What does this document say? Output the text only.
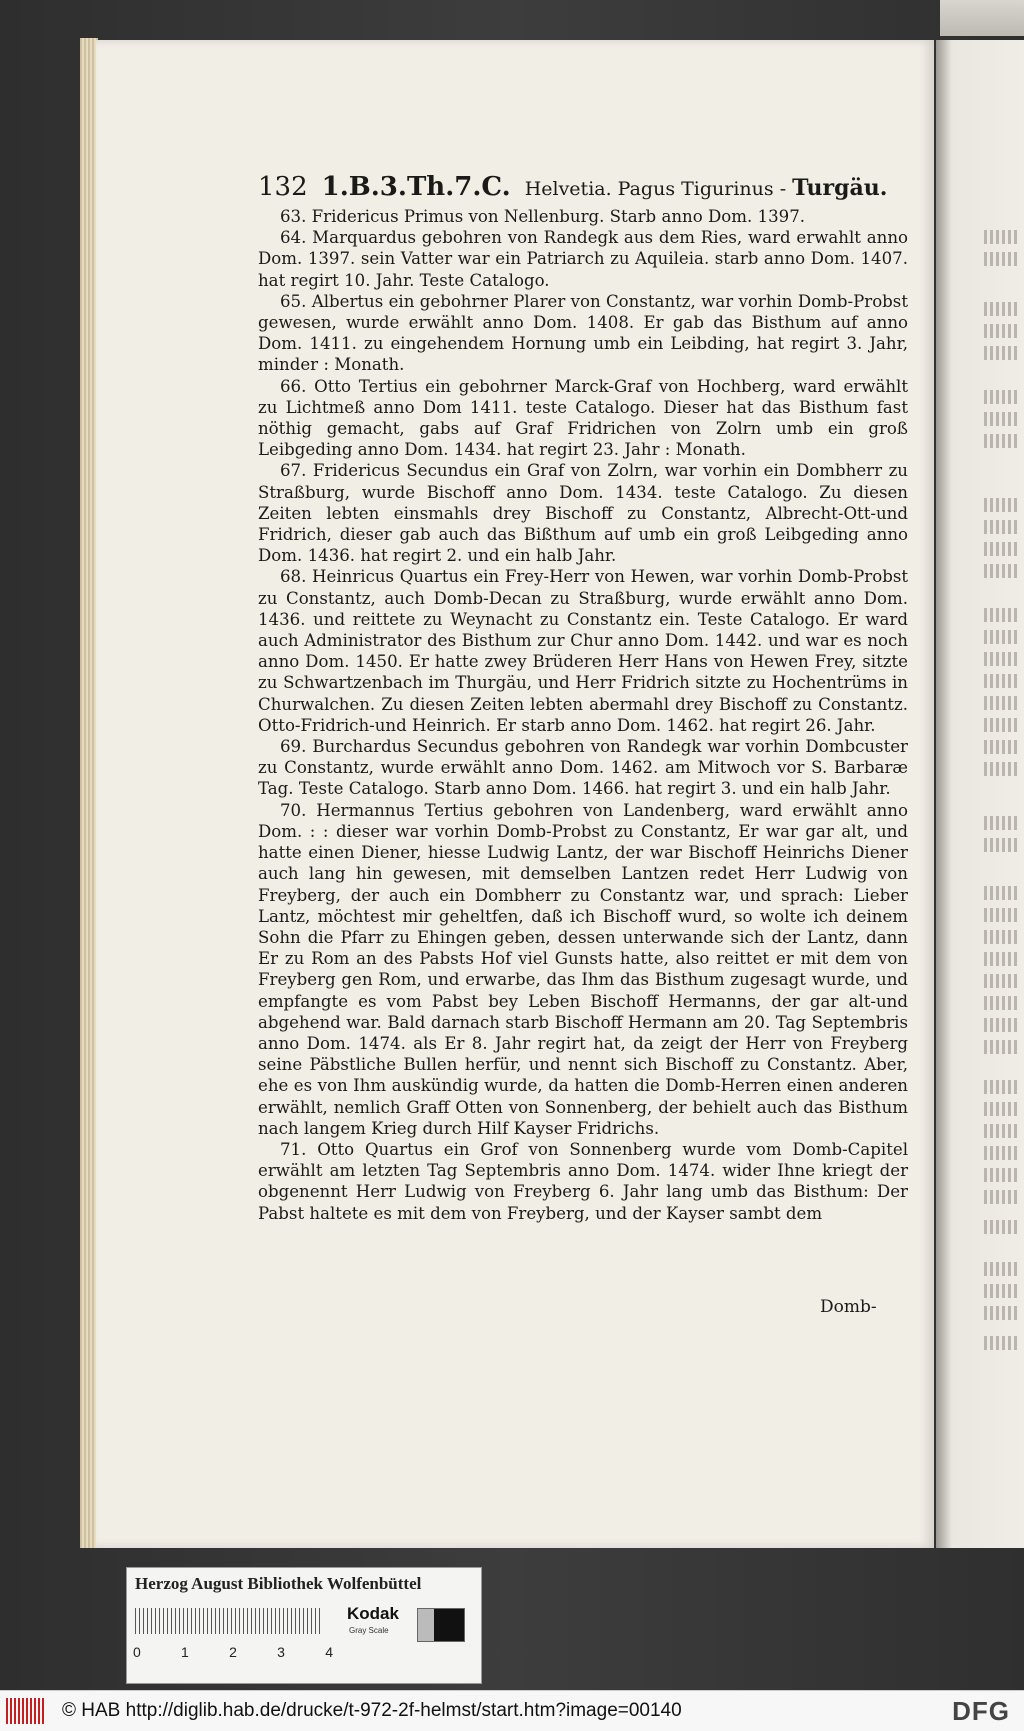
132 1.B.3.Th.7.C. Helvetia. Pagus Tigurinus - Turgäu.

63. Fridericus Primus von Nellenburg. Starb anno Dom. 1397.

64. Marquardus gebohren von Randegk aus dem Ries, ward erwahlt anno Dom. 1397. sein Vatter war ein Patriarch zu Aquileia. starb anno Dom. 1407. hat regirt 10. Jahr. Teste Catalogo.

65. Albertus ein gebohrner Plarer von Constantz, war vorhin Domb-Probst gewesen, wurde erwählt anno Dom. 1408. Er gab das Bisthum auf anno Dom. 1411. zu eingehendem Hornung umb ein Leibding, hat regirt 3. Jahr, minder : Monath.

66. Otto Tertius ein gebohrner Marck-Graf von Hochberg, ward erwählt zu Lichtmeß anno Dom 1411. teste Catalogo. Dieser hat das Bisthum fast nöthig gemacht, gabs auf Graf Fridrichen von Zolrn umb ein groß Leibgeding anno Dom. 1434. hat regirt 23. Jahr : Monath.

67. Fridericus Secundus ein Graf von Zolrn, war vorhin ein Dombherr zu Straßburg, wurde Bischoff anno Dom. 1434. teste Catalogo. Zu diesen Zeiten lebten einsmahls drey Bischoff zu Constantz, Albrecht-Ott-und Fridrich, dieser gab auch das Bißthum auf umb ein groß Leibgeding anno Dom. 1436. hat regirt 2. und ein halb Jahr.

68. Heinricus Quartus ein Frey-Herr von Hewen, war vorhin Domb-Probst zu Constantz, auch Domb-Decan zu Straßburg, wurde erwählt anno Dom. 1436. und reittete zu Weynacht zu Constantz ein. Teste Catalogo. Er ward auch Administrator des Bisthum zur Chur anno Dom. 1442. und war es noch anno Dom. 1450. Er hatte zwey Brüderen Herr Hans von Hewen Frey, sitzte zu Schwartzenbach im Thurgäu, und Herr Fridrich sitzte zu Hochentrüms in Churwalchen. Zu diesen Zeiten lebten abermahl drey Bischoff zu Constantz. Otto-Fridrich-und Heinrich. Er starb anno Dom. 1462. hat regirt 26. Jahr.

69. Burchardus Secundus gebohren von Randegk war vorhin Dombcuster zu Constantz, wurde erwählt anno Dom. 1462. am Mitwoch vor S. Barbaræ Tag. Teste Catalogo. Starb anno Dom. 1466. hat regirt 3. und ein halb Jahr.

70. Hermannus Tertius gebohren von Landenberg, ward erwählt anno Dom. : : dieser war vorhin Domb-Probst zu Constantz, Er war gar alt, und hatte einen Diener, hiesse Ludwig Lantz, der war Bischoff Heinrichs Diener auch lang hin gewesen, mit demselben Lantzen redet Herr Ludwig von Freyberg, der auch ein Dombherr zu Constantz war, und sprach: Lieber Lantz, möchtest mir geheltfen, daß ich Bischoff wurd, so wolte ich deinem Sohn die Pfarr zu Ehingen geben, dessen unterwande sich der Lantz, dann Er zu Rom an des Pabsts Hof viel Gunsts hatte, also reittet er mit dem von Freyberg gen Rom, und erwarbe, das Ihm das Bisthum zugesagt wurde, und empfangte es vom Pabst bey Leben Bischoff Hermanns, der gar alt-und abgehend war. Bald darnach starb Bischoff Hermann am 20. Tag Septembris anno Dom. 1474. als Er 8. Jahr regirt hat, da zeigt der Herr von Freyberg seine Päbstliche Bullen herfür, und nennt sich Bischoff zu Constantz. Aber, ehe es von Ihm auskündig wurde, da hatten die Domb-Herren einen anderen erwählt, nemlich Graff Otten von Sonnenberg, der behielt auch das Bisthum nach langem Krieg durch Hilf Kayser Fridrichs.

71. Otto Quartus ein Grof von Sonnenberg wurde vom Domb-Capitel erwählt am letzten Tag Septembris anno Dom. 1474. wider Ihne kriegt der obgenennt Herr Ludwig von Freyberg 6. Jahr lang umb das Bisthum: Der Pabst haltete es mit dem von Freyberg, und der Kayser sambt dem

Domb-
Herzog August Bibliothek Wolfenbüttel
0	1	2	3	4
Kodak
Gray Scale
© HAB http://diglib.hab.de/drucke/t-972-2f-helmst/start.htm?image=00140	DFG
